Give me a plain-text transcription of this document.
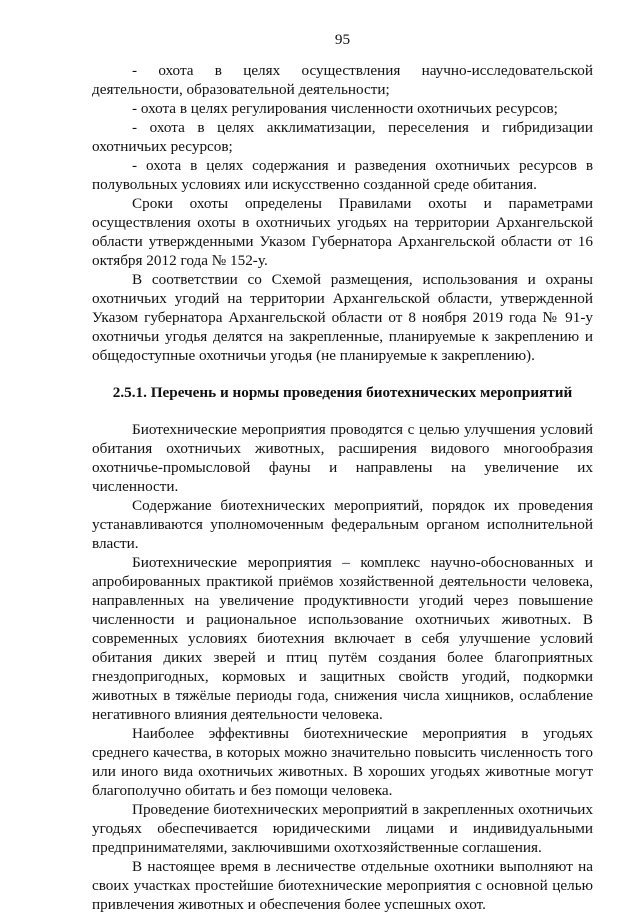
95

- охота в целях осуществления научно-исследовательской деятельности, образовательной деятельности;

- охота в целях регулирования численности охотничьих ресурсов;

- охота в целях акклиматизации, переселения и гибридизации охотничьих ресурсов;

- охота в целях содержания и разведения охотничьих ресурсов в полувольных условиях или искусственно созданной среде обитания.

Сроки охоты определены Правилами охоты и параметрами осуществления охоты в охотничьих угодьях на территории Архангельской области утвержденными Указом Губернатора Архангельской области от 16 октября 2012 года № 152-у.

В соответствии со Схемой размещения, использования и охраны охотничьих угодий на территории Архангельской области, утвержденной Указом губернатора Архангельской области от 8 ноября 2019 года № 91-у охотничьи угодья делятся на закрепленные, планируемые к закреплению и общедоступные охотничьи угодья (не планируемые к закреплению).

2.5.1. Перечень и нормы проведения биотехнических мероприятий

Биотехнические мероприятия проводятся с целью улучшения условий обитания охотничьих животных, расширения видового многообразия охотничье-промысловой фауны и направлены на увеличение их численности.

Содержание биотехнических мероприятий, порядок их проведения устанавливаются уполномоченным федеральным органом исполнительной власти.

Биотехнические мероприятия – комплекс научно-обоснованных и апробированных практикой приёмов хозяйственной деятельности человека, направленных на увеличение продуктивности угодий через повышение численности и рациональное использование охотничьих животных. В современных условиях биотехния включает в себя улучшение условий обитания диких зверей и птиц путём создания более благоприятных гнездопригодных, кормовых и защитных свойств угодий, подкормки животных в тяжёлые периоды года, снижения числа хищников, ослабление негативного влияния деятельности человека.

Наиболее эффективны биотехнические мероприятия в угодьях среднего качества, в которых можно значительно повысить численность того или иного вида охотничьих животных. В хороших угодьях животные могут благополучно обитать и без помощи человека.

Проведение биотехнических мероприятий в закрепленных охотничьих угодьях обеспечивается юридическими лицами и индивидуальными предпринимателями, заключившими охотхозяйственные соглашения.

В настоящее время в лесничестве отдельные охотники выполняют на своих участках простейшие биотехнические мероприятия с основной целью привлечения животных и обеспечения более успешных охот.
